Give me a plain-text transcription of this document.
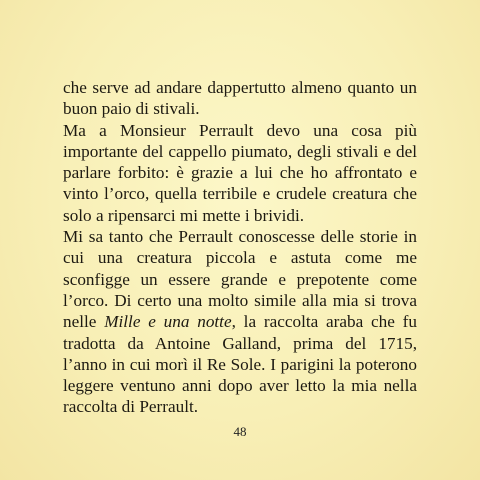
che serve ad andare dappertutto almeno quanto un buon paio di stivali.

Ma a Monsieur Perrault devo una cosa più importante del cappello piumato, degli stivali e del parlare forbito: è grazie a lui che ho affrontato e vinto l’orco, quella terribile e crudele creatura che solo a ripensarci mi mette i brividi.

Mi sa tanto che Perrault conoscesse delle storie in cui una creatura piccola e astuta come me sconfigge un essere grande e prepotente come l’orco. Di certo una molto simile alla mia si trova nelle Mille e una notte, la raccolta araba che fu tradotta da Antoine Galland, prima del 1715, l’anno in cui morì il Re Sole. I parigini la poterono leggere ventuno anni dopo aver letto la mia nella raccolta di Perrault.

48
